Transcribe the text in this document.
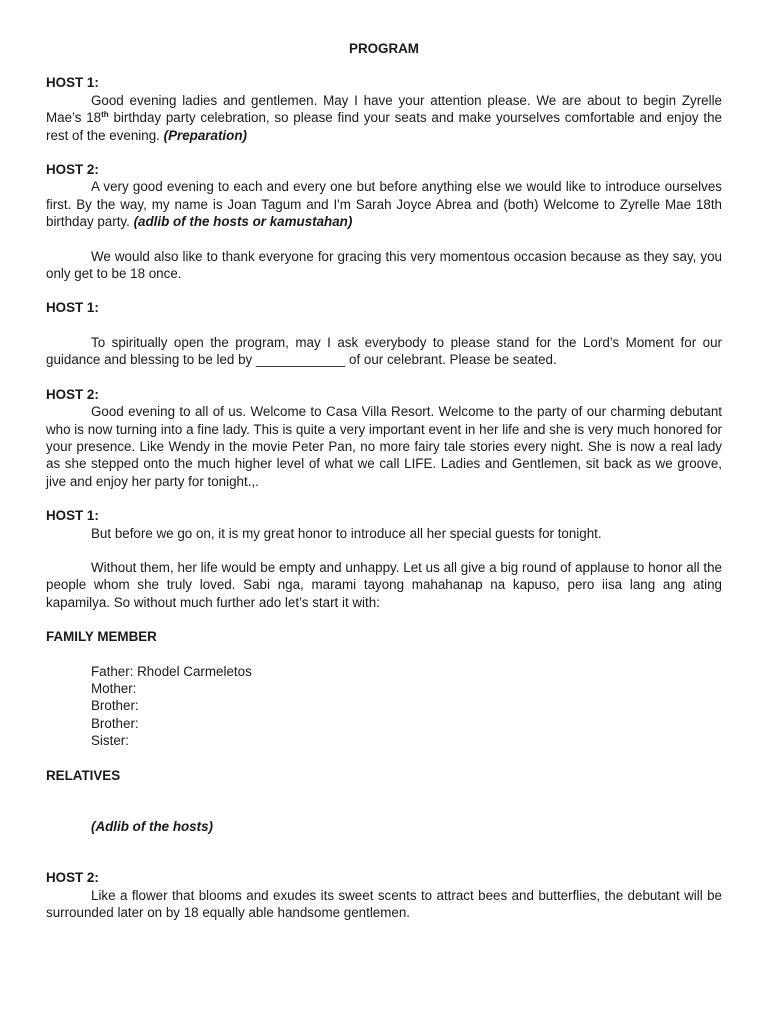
PROGRAM

HOST 1:

Good evening ladies and gentlemen. May I have your attention please. We are about to begin Zyrelle Mae’s 18th birthday party celebration, so please find your seats and make yourselves comfortable and enjoy the rest of the evening. (Preparation)

HOST 2:

A very good evening to each and every one but before anything else we would like to introduce ourselves first. By the way, my name is Joan Tagum and I'm Sarah Joyce Abrea and (both) Welcome to Zyrelle Mae 18th birthday party. (adlib of the hosts or kamustahan)

We would also like to thank everyone for gracing this very momentous occasion because as they say, you only get to be 18 once.

HOST 1:

To spiritually open the program, may I ask everybody to please stand for the Lord’s Moment for our guidance and blessing to be led by ____________ of our celebrant. Please be seated.

HOST 2:

Good evening to all of us. Welcome to Casa Villa Resort. Welcome to the party of our charming debutant who is now turning into a fine lady. This is quite a very important event in her life and she is very much honored for your presence. Like Wendy in the movie Peter Pan, no more fairy tale stories every night. She is now a real lady as she stepped onto the much higher level of what we call LIFE. Ladies and Gentlemen, sit back as we groove, jive and enjoy her party for tonight.,.

HOST 1:

But before we go on, it is my great honor to introduce all her special guests for tonight.

Without them, her life would be empty and unhappy. Let us all give a big round of applause to honor all the people whom she truly loved. Sabi nga, marami tayong mahahanap na kapuso, pero iisa lang ang ating kapamilya. So without much further ado let’s start it with:

FAMILY MEMBER

Father: Rhodel Carmeletos

Mother:

Brother:

Brother:

Sister:

RELATIVES

(Adlib of the hosts)

HOST 2:

Like a flower that blooms and exudes its sweet scents to attract bees and butterflies, the debutant will be surrounded later on by 18 equally able handsome gentlemen.
